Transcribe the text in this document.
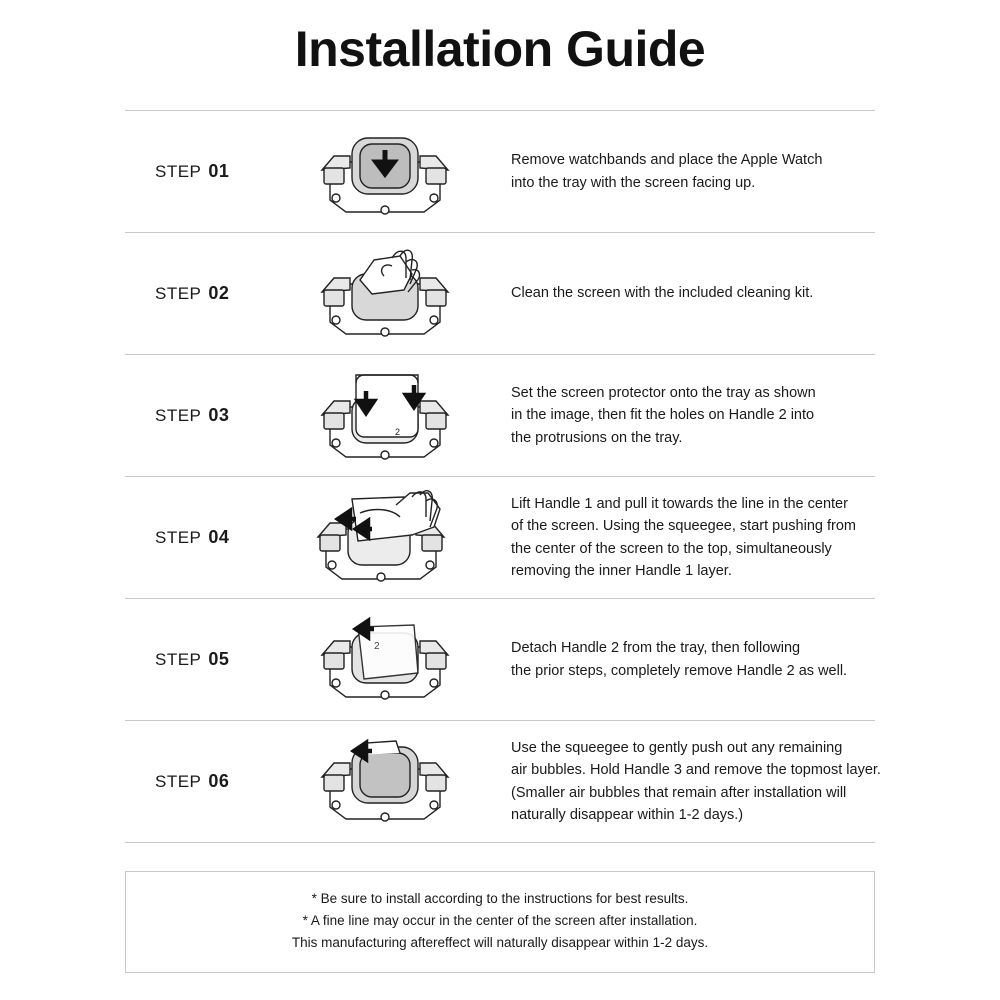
Installation Guide
STEP 01
Remove watchbands and place the Apple Watch
into the tray with the screen facing up.
STEP 02	Clean the screen with the included cleaning kit.
STEP 03
2
Set the screen protector onto the tray as shown
in the image, then fit the holes on Handle 2 into
the protrusions on the tray.
STEP 04
Lift Handle 1 and pull it towards the line in the center
of the screen. Using the squeegee, start pushing from
the center of the screen to the top, simultaneously
removing the inner Handle 1 layer.
STEP 05
2	Detach Handle 2 from the tray, then following
the prior steps, completely remove Handle 2 as well.
STEP 06
Use the squeegee to gently push out any remaining
air bubbles. Hold Handle 3 and remove the topmost layer.
(Smaller air bubbles that remain after installation will
naturally disappear within 1-2 days.)
* Be sure to install according to the instructions for best results.
* A fine line may occur in the center of the screen after installation.
This manufacturing aftereffect will naturally disappear within 1-2 days.
